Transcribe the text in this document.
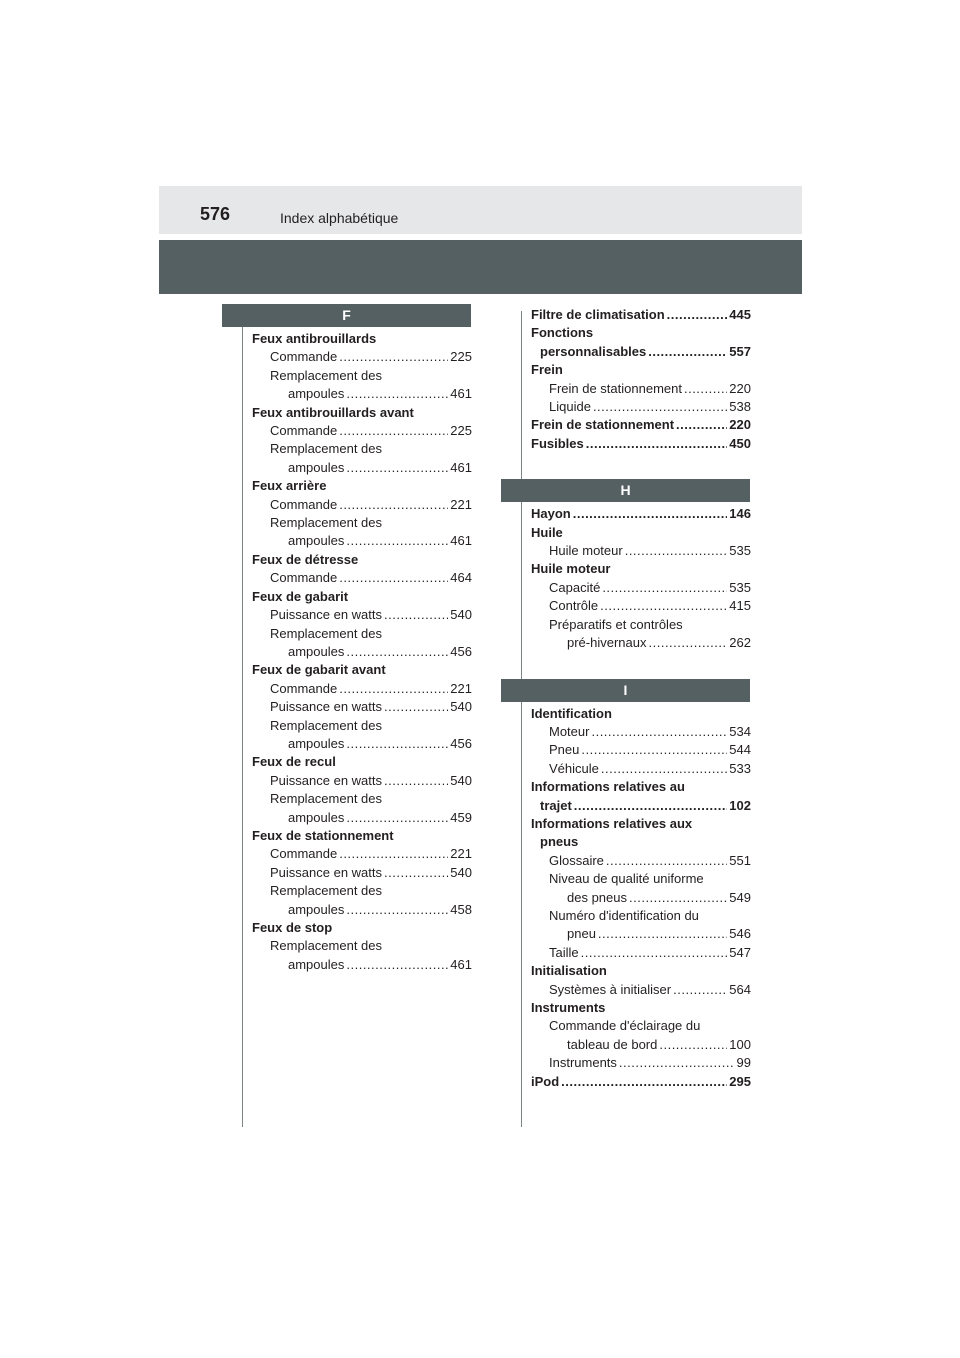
576	Index alphabétique
F
Feux antibrouillards
Commande .....	225
Remplacement des
ampoules .....	461
Feux antibrouillards avant
Commande .....	225
Remplacement des
ampoules .....	461
Feux arrière
Commande .....	221
Remplacement des
ampoules .....	461
Feux de détresse
Commande .....	464
Feux de gabarit
Puissance en watts .....	540
Remplacement des
ampoules .....	456
Feux de gabarit avant
Commande .....	221
Puissance en watts .....	540
Remplacement des
ampoules .....	456
Feux de recul
Puissance en watts .....	540
Remplacement des
ampoules .....	459
Feux de stationnement
Commande .....	221
Puissance en watts .....	540
Remplacement des
ampoules .....	458
Feux de stop
Remplacement des
ampoules .....	461
Filtre de climatisation .....	445
Fonctions
personnalisables .....	557
Frein
Frein de stationnement .....	220
Liquide .....	538
Frein de stationnement .....	220
Fusibles .....	450
H
Hayon .....	146
Huile
Huile moteur .....	535
Huile moteur
Capacité .....	535
Contrôle .....	415
Préparatifs et contrôles
pré-hivernaux .....	262
I
Identification
Moteur .....	534
Pneu .....	544
Véhicule .....	533
Informations relatives au
trajet .....	102
Informations relatives aux
pneus
Glossaire .....	551
Niveau de qualité uniforme
des pneus .....	549
Numéro d'identification du
pneu .....	546
Taille .....	547
Initialisation
Systèmes à initialiser .....	564
Instruments
Commande d'éclairage du
tableau de bord .....	100
Instruments .....	99
iPod .....	295
